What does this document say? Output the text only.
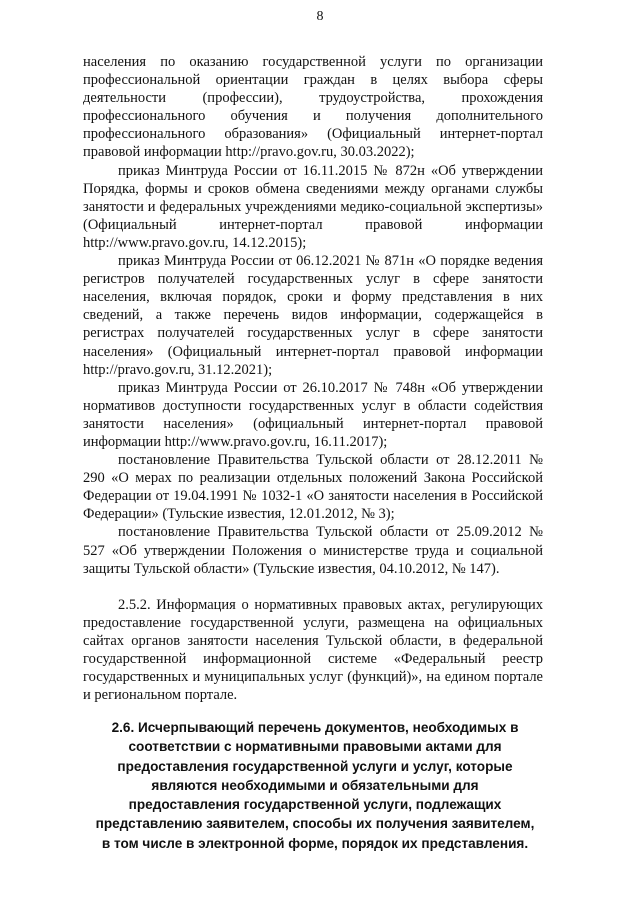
8

населения по оказанию государственной услуги по организации профессиональной ориентации граждан в целях выбора сферы деятельности (профессии), трудоустройства, прохождения профессионального обучения и получения дополнительного профессионального образования» (Официальный интернет-портал правовой информации http://pravo.gov.ru, 30.03.2022);

приказ Минтруда России от 16.11.2015 № 872н «Об утверждении Порядка, формы и сроков обмена сведениями между органами службы занятости и федеральных учреждениями медико-социальной экспертизы» (Официальный интернет-портал правовой информации http://www.pravo.gov.ru, 14.12.2015);

приказ Минтруда России от 06.12.2021 № 871н «О порядке ведения регистров получателей государственных услуг в сфере занятости населения, включая порядок, сроки и форму представления в них сведений, а также перечень видов информации, содержащейся в регистрах получателей государственных услуг в сфере занятости населения» (Официальный интернет-портал правовой информации http://pravo.gov.ru, 31.12.2021);

приказ Минтруда России от 26.10.2017 № 748н «Об утверждении нормативов доступности государственных услуг в области содействия занятости населения» (официальный интернет-портал правовой информации http://www.pravo.gov.ru, 16.11.2017);

постановление Правительства Тульской области от 28.12.2011 № 290 «О мерах по реализации отдельных положений Закона Российской Федерации от 19.04.1991 № 1032-1 «О занятости населения в Российской Федерации» (Тульские известия, 12.01.2012, № 3);

постановление Правительства Тульской области от 25.09.2012 № 527 «Об утверждении Положения о министерстве труда и социальной защиты Тульской области» (Тульские известия, 04.10.2012, № 147).

2.5.2. Информация о нормативных правовых актах, регулирующих предоставление государственной услуги, размещена на официальных сайтах органов занятости населения Тульской области, в федеральной государственной информационной системе «Федеральный реестр государственных и муниципальных услуг (функций)», на едином портале и региональном портале.

2.6. Исчерпывающий перечень документов, необходимых в соответствии с нормативными правовыми актами для предоставления государственной услуги и услуг, которые являются необходимыми и обязательными для предоставления государственной услуги, подлежащих представлению заявителем, способы их получения заявителем, в том числе в электронной форме, порядок их представления.
